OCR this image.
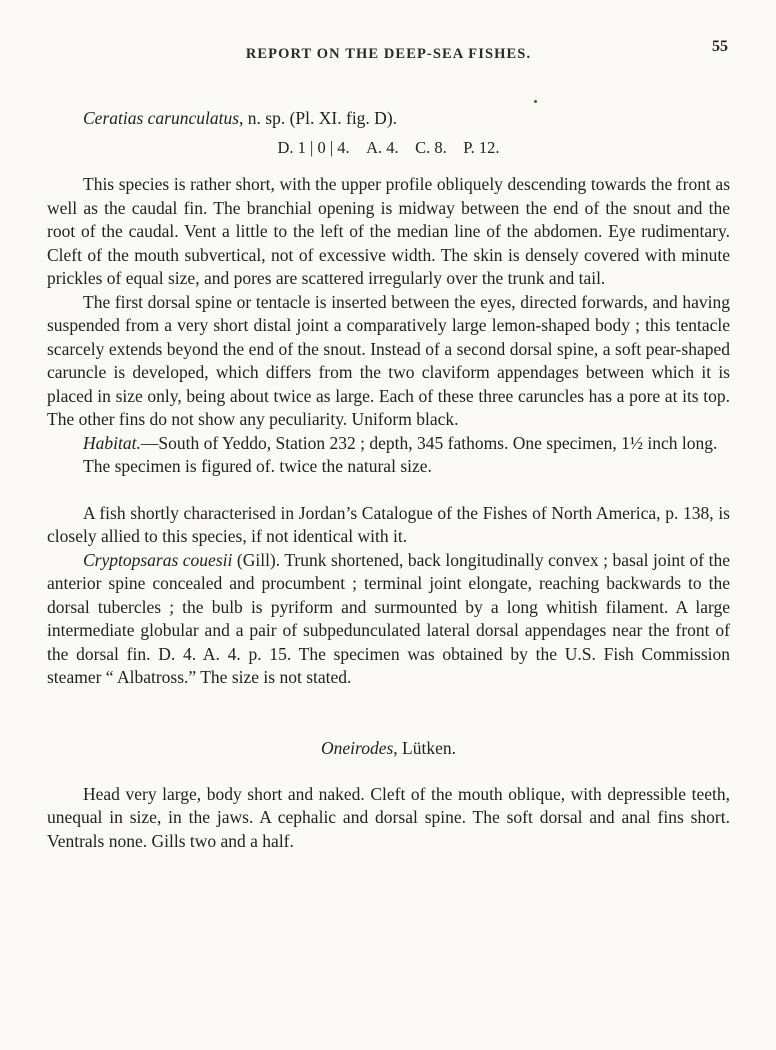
REPORT ON THE DEEP-SEA FISHES.	55

Ceratias carunculatus, n. sp. (Pl. XI. fig. D).

D. 1 | 0 | 4. A. 4. C. 8. P. 12.

This species is rather short, with the upper profile obliquely descending towards the front as well as the caudal fin. The branchial opening is midway between the end of the snout and the root of the caudal. Vent a little to the left of the median line of the abdomen. Eye rudimentary. Cleft of the mouth subvertical, not of excessive width. The skin is densely covered with minute prickles of equal size, and pores are scattered irregularly over the trunk and tail.

The first dorsal spine or tentacle is inserted between the eyes, directed forwards, and having suspended from a very short distal joint a comparatively large lemon-shaped body ; this tentacle scarcely extends beyond the end of the snout. Instead of a second dorsal spine, a soft pear-shaped caruncle is developed, which differs from the two claviform appendages between which it is placed in size only, being about twice as large. Each of these three caruncles has a pore at its top. The other fins do not show any peculiarity. Uniform black.

Habitat.—South of Yeddo, Station 232 ; depth, 345 fathoms. One specimen, 1½ inch long.

The specimen is figured of. twice the natural size.

A fish shortly characterised in Jordan’s Catalogue of the Fishes of North America, p. 138, is closely allied to this species, if not identical with it.

Cryptopsaras couesii (Gill). Trunk shortened, back longitudinally convex ; basal joint of the anterior spine concealed and procumbent ; terminal joint elongate, reaching backwards to the dorsal tubercles ; the bulb is pyriform and surmounted by a long whitish filament. A large intermediate globular and a pair of subpedunculated lateral dorsal appendages near the front of the dorsal fin. D. 4. A. 4. p. 15. The specimen was obtained by the U.S. Fish Commission steamer “ Albatross.” The size is not stated.

Oneirodes, Lütken.

Head very large, body short and naked. Cleft of the mouth oblique, with depressible teeth, unequal in size, in the jaws. A cephalic and dorsal spine. The soft dorsal and anal fins short. Ventrals none. Gills two and a half.
